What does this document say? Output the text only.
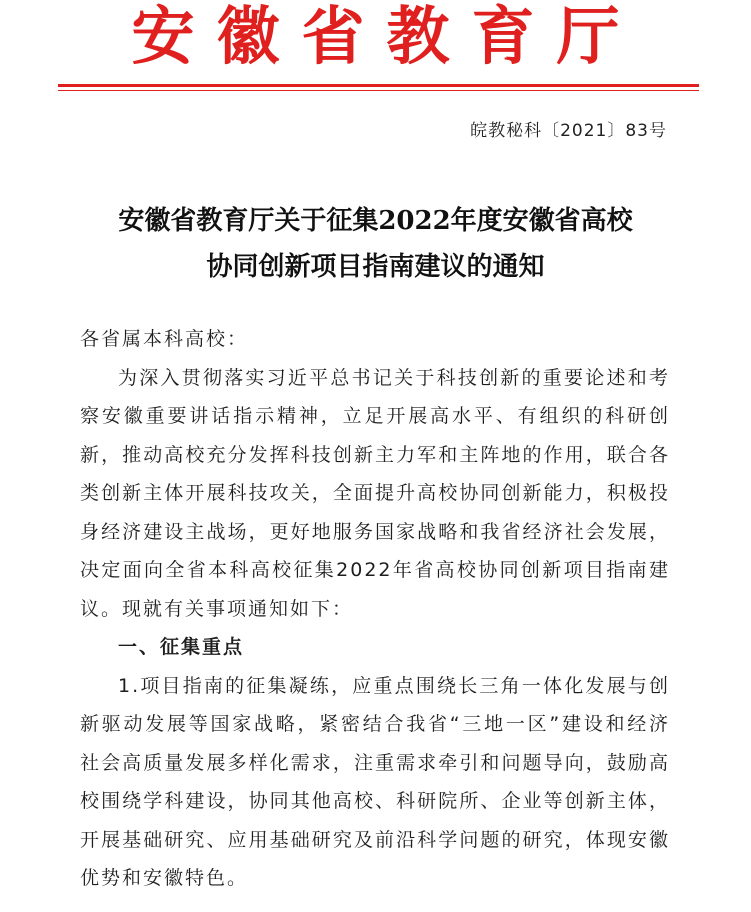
安徽省教育厅
皖教秘科〔2021〕83号
安徽省教育厅关于征集2022年度安徽省高校
协同创新项目指南建议的通知

各省属本科高校：

为深入贯彻落实习近平总书记关于科技创新的重要论述和考察安徽重要讲话指示精神，立足开展高水平、有组织的科研创新，推动高校充分发挥科技创新主力军和主阵地的作用，联合各类创新主体开展科技攻关，全面提升高校协同创新能力，积极投身经济建设主战场，更好地服务国家战略和我省经济社会发展，决定面向全省本科高校征集2022年省高校协同创新项目指南建议。现就有关事项通知如下：

一、征集重点

1.项目指南的征集凝练，应重点围绕长三角一体化发展与创新驱动发展等国家战略，紧密结合我省“三地一区”建设和经济社会高质量发展多样化需求，注重需求牵引和问题导向，鼓励高校围绕学科建设，协同其他高校、科研院所、企业等创新主体，开展基础研究、应用基础研究及前沿科学问题的研究，体现安徽优势和安徽特色。
